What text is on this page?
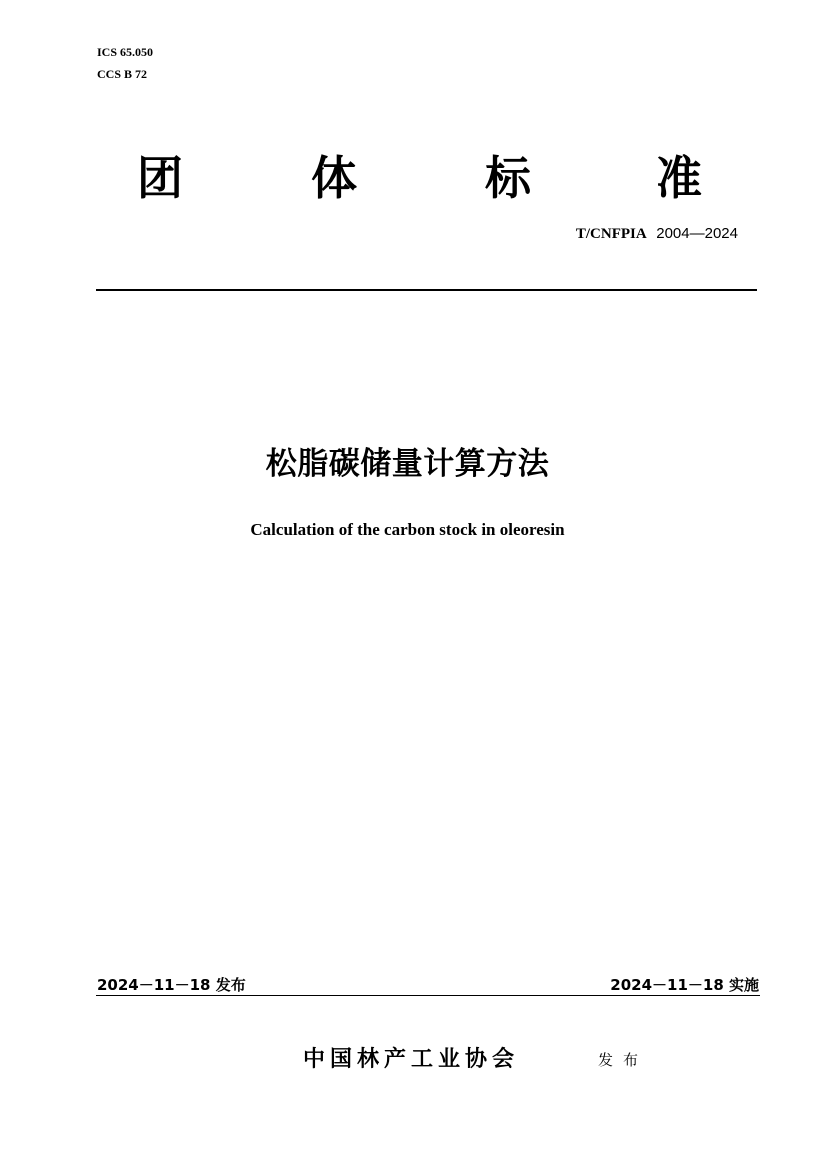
ICS 65.050
CCS B 72
团	体	标	准
T/CNFPIA 2004—2024
松脂碳储量计算方法
Calculation of the carbon stock in oleoresin
2024－11－18 发布	2024－11－18 实施
中国林产工业协会	发布
